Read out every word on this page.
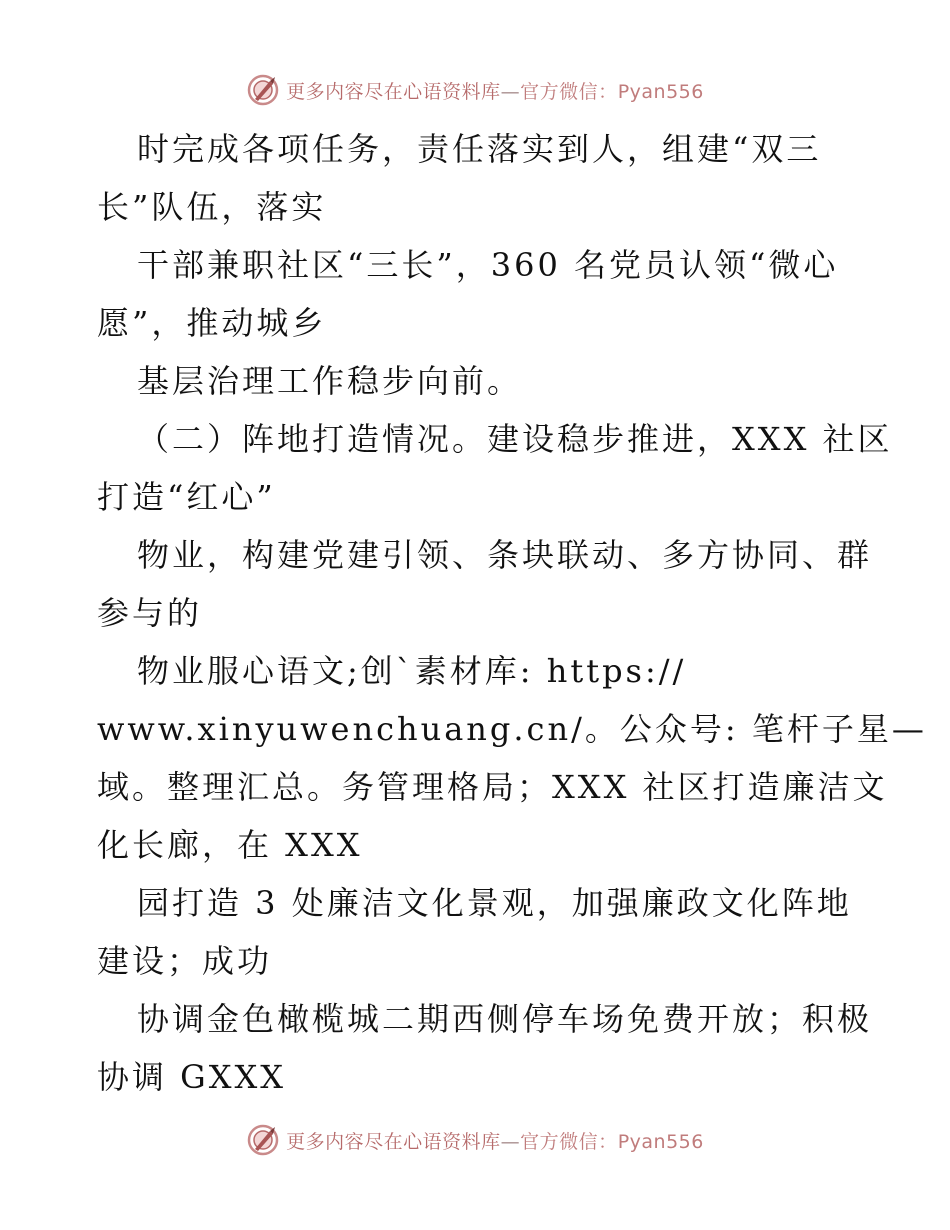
更多内容尽在心语资料库—官方微信：Pyan556
时完成各项任务，责任落实到人，组建“双三
长”队伍，落实
干部兼职社区“三长”，360 名党员认领“微心
愿”，推动城乡
基层治理工作稳步向前。
（二）阵地打造情况。建设稳步推进，XXX 社区
打造“红心”
物业，构建党建引领、条块联动、多方协同、群
参与的
物业服心语文;创`素材库: https://
www.xinyuwenchuang.cn/。公众号: 笔杆子星—
域。整理汇总。务管理格局；XXX 社区打造廉洁文
化长廊，在 XXX
园打造 3 处廉洁文化景观，加强廉政文化阵地
建设；成功
协调金色橄榄城二期西侧停车场免费开放；积极
协调 GXXX
更多内容尽在心语资料库—官方微信：Pyan556
